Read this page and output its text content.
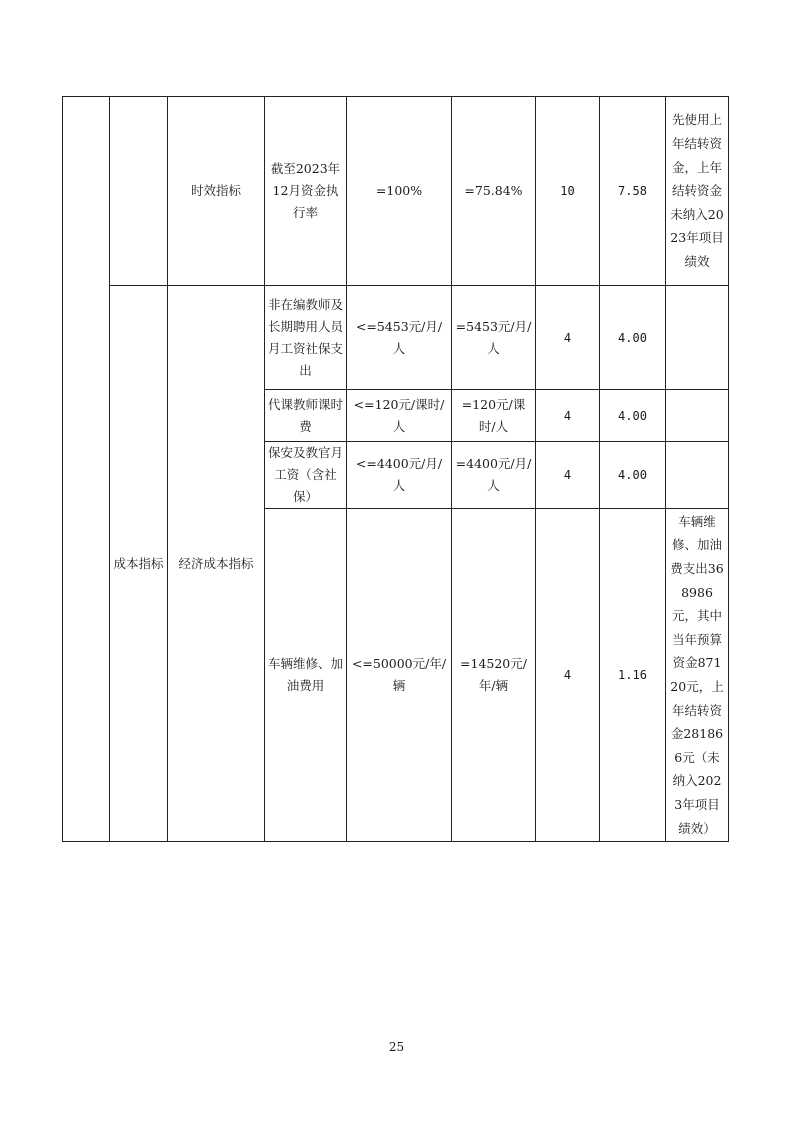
		时效指标	截至2023年12月资金执行率	=100%	=75.84%	10	7.58	先使用上年结转资金，上年结转资金未纳入2023年项目绩效
	成本指标	经济成本指标	非在编教师及长期聘用人员月工资社保支出	<=5453元/月/人	=5453元/月/人	4	4.00	
			代课教师课时费	<=120元/课时/人	=120元/课时/人	4	4.00	
			保安及教官月工资（含社保）	<=4400元/月/人	=4400元/月/人	4	4.00	
			车辆维修、加油费用	<=50000元/年/辆	=14520元/年/辆	4	1.16	车辆维修、加油费支出368986元，其中当年预算资金87120元，上年结转资金281866元（未纳入2023年项目绩效）
25
